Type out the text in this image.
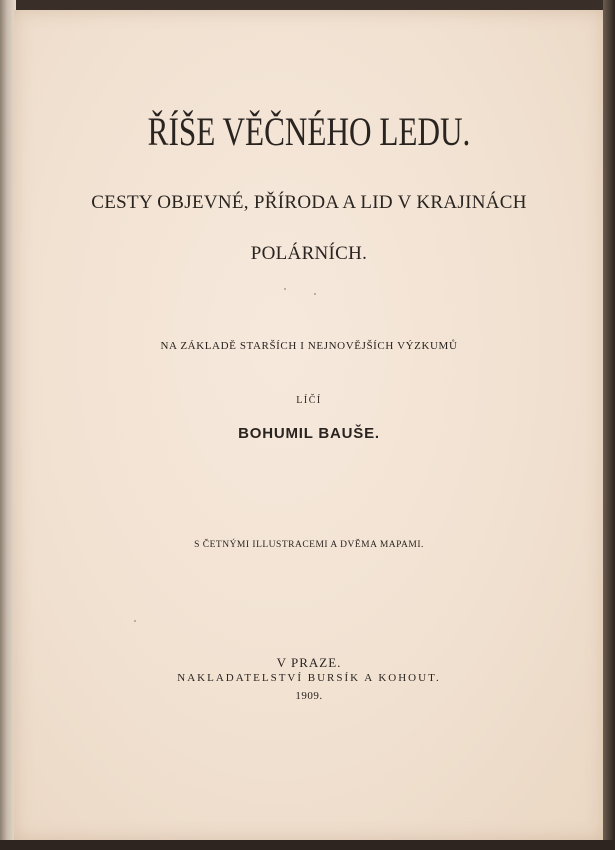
ŘÍŠE VĚČNÉHO LEDU.
CESTY OBJEVNÉ, PŘÍRODA A LID V KRAJINÁCH
POLÁRNÍCH.
NA ZÁKLADĚ STARŠÍCH I NEJNOVĚJŠÍCH VÝZKUMŮ
LÍČÍ
BOHUMIL BAUŠE.
S ČETNÝMI ILLUSTRACEMI A DVĚMA MAPAMI.
V PRAZE.
NAKLADATELSTVÍ BURSÍK A KOHOUT.
1909.
